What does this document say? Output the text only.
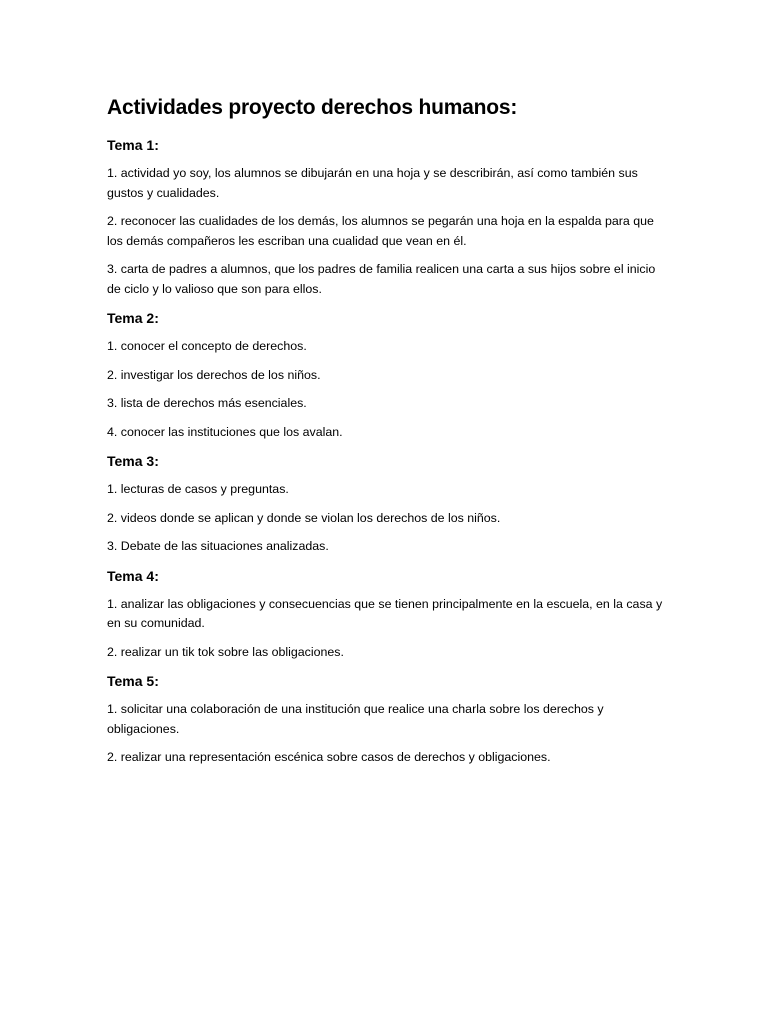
Actividades proyecto derechos humanos:
Tema 1:

1. actividad yo soy, los alumnos se dibujarán en una hoja y se describirán, así como también sus gustos y cualidades.

2. reconocer las cualidades de los demás, los alumnos se pegarán una hoja en la espalda para que los demás compañeros les escriban una cualidad que vean en él.

3. carta de padres a alumnos, que los padres de familia realicen una carta a sus hijos sobre el inicio de ciclo y lo valioso que son para ellos.

Tema 2:

1. conocer el concepto de derechos.

2. investigar los derechos de los niños.

3. lista de derechos más esenciales.

4. conocer las instituciones que los avalan.

Tema 3:

1. lecturas de casos y preguntas.

2. videos donde se aplican y donde se violan los derechos de los niños.

3. Debate de las situaciones analizadas.

Tema 4:

1. analizar las obligaciones y consecuencias que se tienen principalmente en la escuela, en la casa y en su comunidad.

2. realizar un tik tok sobre las obligaciones.

Tema 5:

1. solicitar una colaboración de una institución que realice una charla sobre los derechos y obligaciones.

2. realizar una representación escénica sobre casos de derechos y obligaciones.
